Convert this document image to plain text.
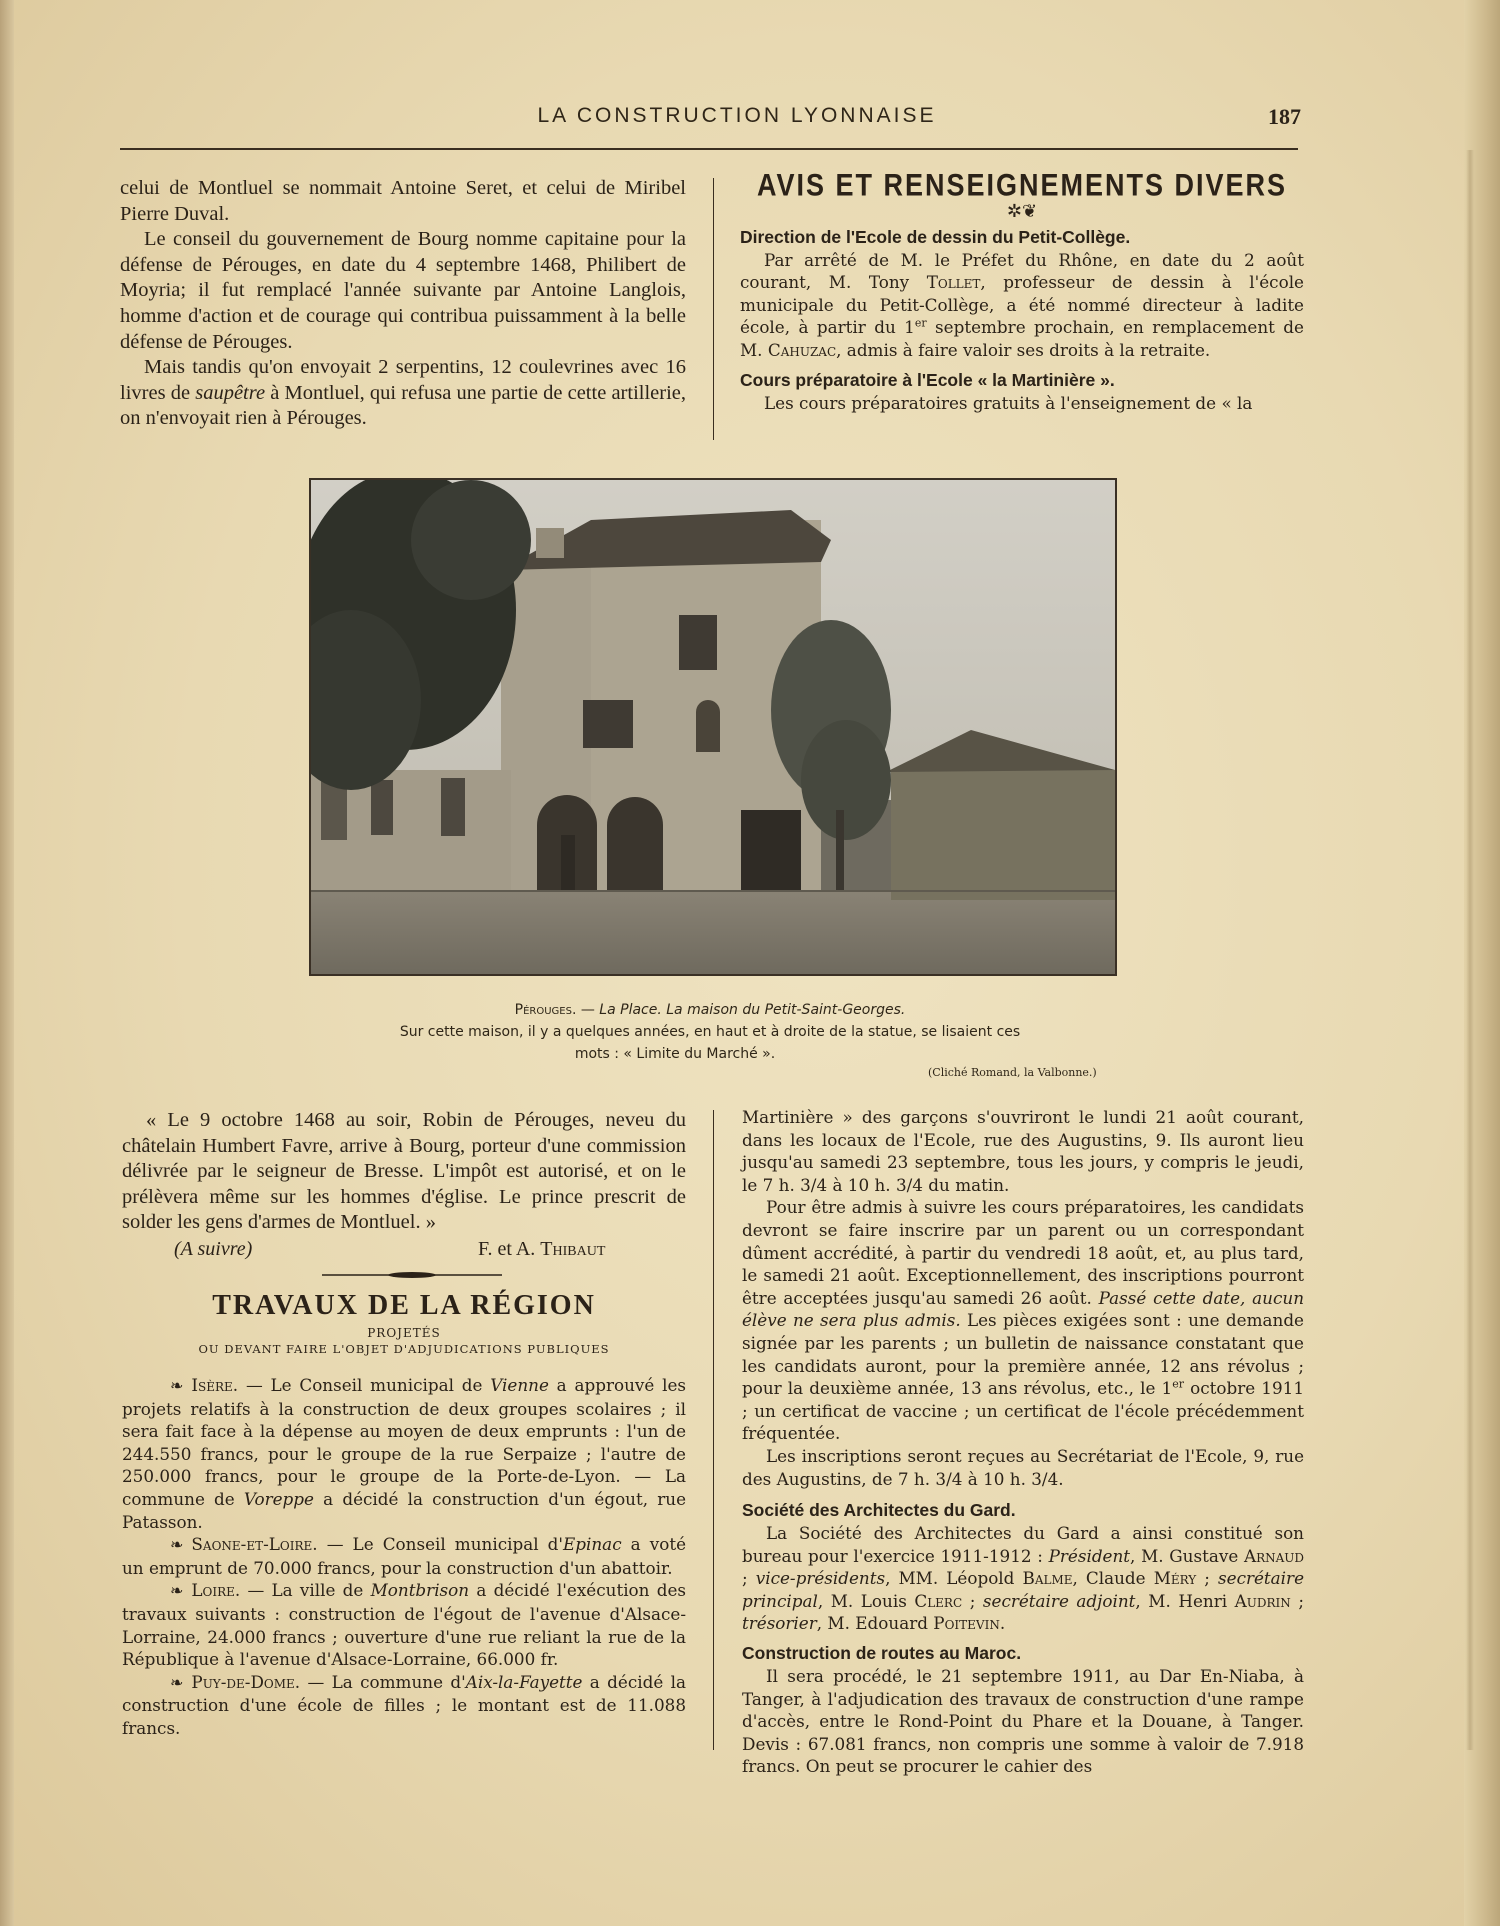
LA CONSTRUCTION LYONNAISE	187

celui de Montluel se nommait Antoine Seret, et celui de Miribel Pierre Duval.

Le conseil du gouvernement de Bourg nomme capitaine pour la défense de Pérouges, en date du 4 septembre 1468, Philibert de Moyria; il fut remplacé l'année suivante par Antoine Langlois, homme d'action et de courage qui contribua puissamment à la belle défense de Pérouges.

Mais tandis qu'on envoyait 2 serpentins, 12 coulevrines avec 16 livres de saupêtre à Montluel, qui refusa une partie de cette artillerie, on n'envoyait rien à Pérouges.

AVIS ET RENSEIGNEMENTS DIVERS
✲❦

Direction de l'Ecole de dessin du Petit-Collège.

Par arrêté de M. le Préfet du Rhône, en date du 2 août courant, M. Tony Tollet, professeur de dessin à l'école municipale du Petit-Collège, a été nommé directeur à ladite école, à partir du 1er septembre prochain, en remplacement de M. Cahuzac, admis à faire valoir ses droits à la retraite.

Cours préparatoire à l'Ecole « la Martinière ».

Les cours préparatoires gratuits à l'enseignement de « la

Pérouges. — La Place. La maison du Petit-Saint-Georges.
Sur cette maison, il y a quelques années, en haut et à droite de la statue, se lisaient ces
mots : « Limite du Marché ».
(Cliché Romand, la Valbonne.)

« Le 9 octobre 1468 au soir, Robin de Pérouges, neveu du châtelain Humbert Favre, arrive à Bourg, porteur d'une commission délivrée par le seigneur de Bresse. L'impôt est autorisé, et on le prélèvera même sur les hommes d'église. Le prince prescrit de solder les gens d'armes de Montluel. »

(A suivre)	F. et A. Thibaut
TRAVAUX DE LA RÉGION
PROJETÉS
OU DEVANT FAIRE L'OBJET D'ADJUDICATIONS PUBLIQUES

❧ Isère. — Le Conseil municipal de Vienne a approuvé les projets relatifs à la construction de deux groupes scolaires ; il sera fait face à la dépense au moyen de deux emprunts : l'un de 244.550 francs, pour le groupe de la rue Serpaize ; l'autre de 250.000 francs, pour le groupe de la Porte-de-Lyon. — La commune de Voreppe a décidé la construction d'un égout, rue Patasson.

❧ Saone-et-Loire. — Le Conseil municipal d'Epinac a voté un emprunt de 70.000 francs, pour la construction d'un abattoir.

❧ Loire. — La ville de Montbrison a décidé l'exécution des travaux suivants : construction de l'égout de l'avenue d'Alsace-Lorraine, 24.000 francs ; ouverture d'une rue reliant la rue de la République à l'avenue d'Alsace-Lorraine, 66.000 fr.

❧ Puy-de-Dome. — La commune d'Aix-la-Fayette a décidé la construction d'une école de filles ; le montant est de 11.088 francs.

Martinière » des garçons s'ouvriront le lundi 21 août courant, dans les locaux de l'Ecole, rue des Augustins, 9. Ils auront lieu jusqu'au samedi 23 septembre, tous les jours, y compris le jeudi, le 7 h. 3/4 à 10 h. 3/4 du matin.

Pour être admis à suivre les cours préparatoires, les candidats devront se faire inscrire par un parent ou un correspondant dûment accrédité, à partir du vendredi 18 août, et, au plus tard, le samedi 21 août. Exceptionnellement, des inscriptions pourront être acceptées jusqu'au samedi 26 août. Passé cette date, aucun élève ne sera plus admis. Les pièces exigées sont : une demande signée par les parents ; un bulletin de naissance constatant que les candidats auront, pour la première année, 12 ans révolus ; pour la deuxième année, 13 ans révolus, etc., le 1er octobre 1911 ; un certificat de vaccine ; un certificat de l'école précédemment fréquentée.

Les inscriptions seront reçues au Secrétariat de l'Ecole, 9, rue des Augustins, de 7 h. 3/4 à 10 h. 3/4.

Société des Architectes du Gard.

La Société des Architectes du Gard a ainsi constitué son bureau pour l'exercice 1911-1912 : Président, M. Gustave Arnaud ; vice-présidents, MM. Léopold Balme, Claude Méry ; secrétaire principal, M. Louis Clerc ; secrétaire adjoint, M. Henri Audrin ; trésorier, M. Edouard Poitevin.

Construction de routes au Maroc.

Il sera procédé, le 21 septembre 1911, au Dar En-Niaba, à Tanger, à l'adjudication des travaux de construction d'une rampe d'accès, entre le Rond-Point du Phare et la Douane, à Tanger. Devis : 67.081 francs, non compris une somme à valoir de 7.918 francs. On peut se procurer le cahier des
